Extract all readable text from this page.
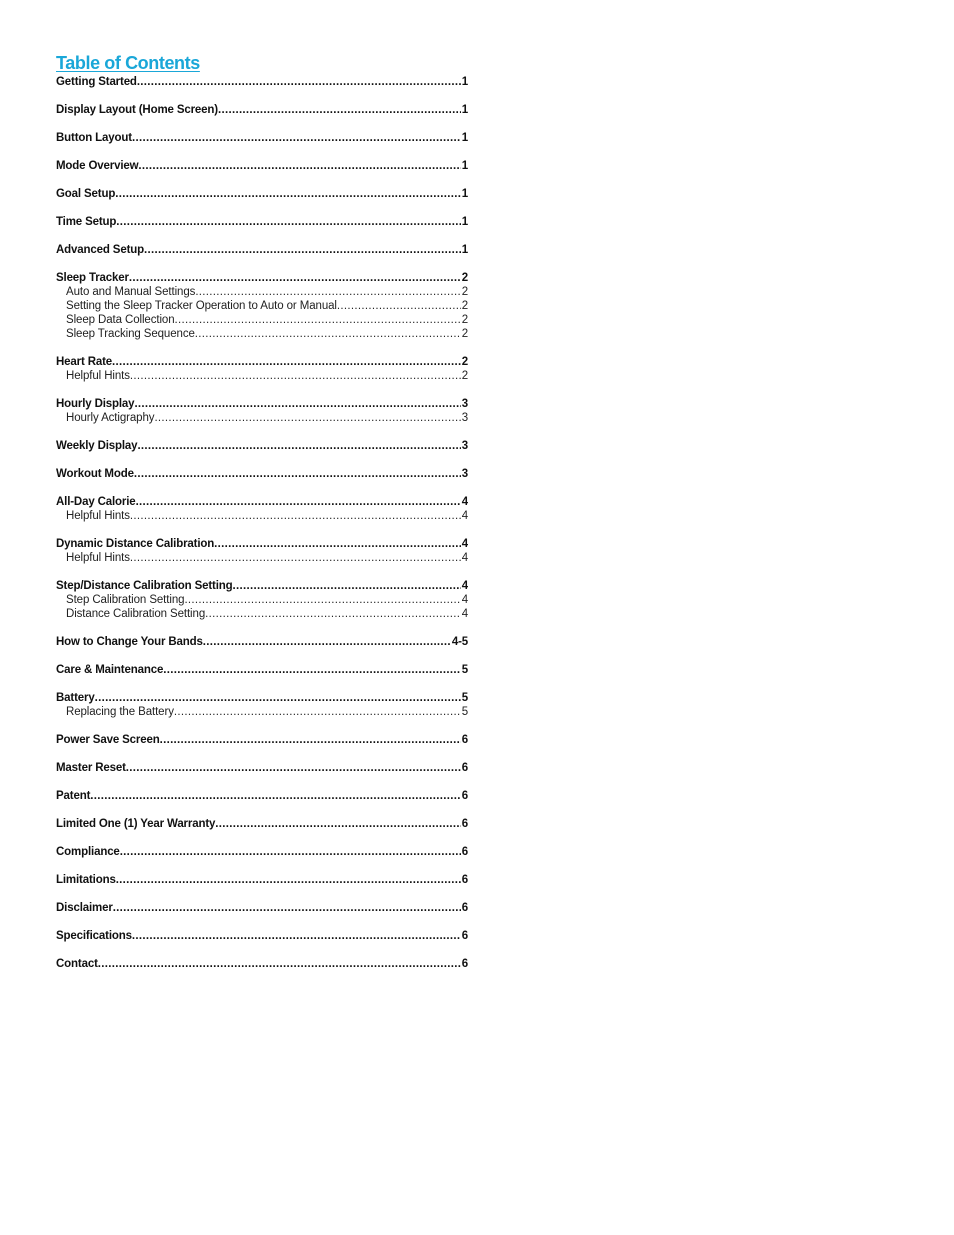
Table of Contents
Getting Started .....	1
Display Layout (Home Screen) .....	1
Button Layout .....	1
Mode Overview .....	1
Goal Setup .....	1
Time Setup .....	1
Advanced Setup .....	1
Sleep Tracker .....	2
Auto and Manual Settings .....	2
Setting the Sleep Tracker Operation to Auto or Manual .....	2
Sleep Data Collection .....	2
Sleep Tracking Sequence .....	2
Heart Rate .....	2
Helpful Hints .....	2
Hourly Display .....	3
Hourly Actigraphy .....	3
Weekly Display .....	3
Workout Mode .....	3
All-Day Calorie .....	4
Helpful Hints .....	4
Dynamic Distance Calibration .....	4
Helpful Hints .....	4
Step/Distance Calibration Setting .....	4
Step Calibration Setting .....	4
Distance Calibration Setting .....	4
How to Change Your Bands .....	4-5
Care & Maintenance .....	5
Battery .....	5
Replacing the Battery .....	5
Power Save Screen .....	6
Master Reset .....	6
Patent .....	6
Limited One (1) Year Warranty .....	6
Compliance .....	6
Limitations .....	6
Disclaimer .....	6
Specifications .....	6
Contact .....	6
